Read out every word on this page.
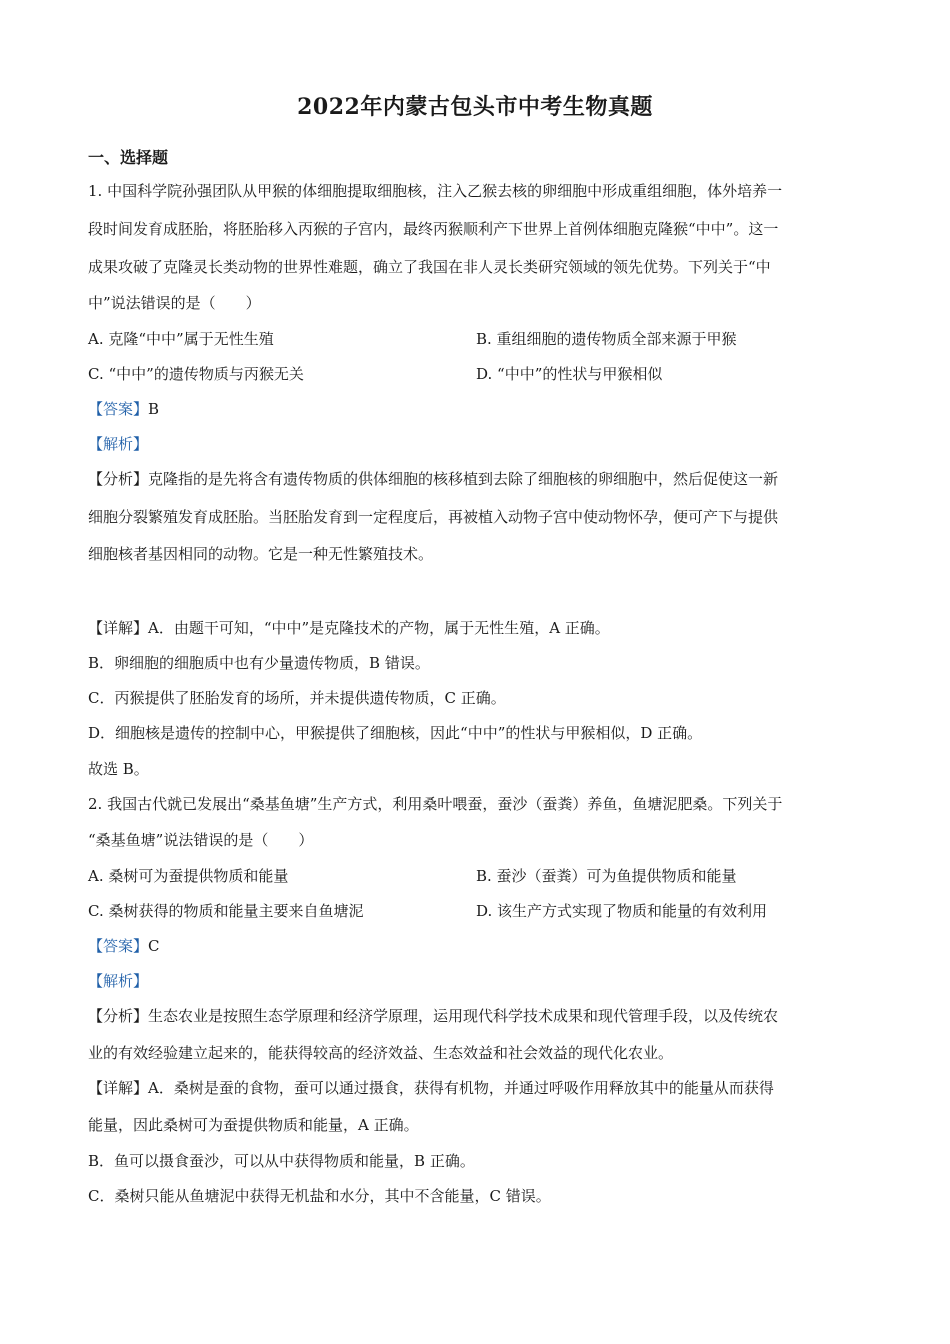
2022年内蒙古包头市中考生物真题
一、选择题
1. 中国科学院孙强团队从甲猴的体细胞提取细胞核，注入乙猴去核的卵细胞中形成重组细胞，体外培养一
段时间发育成胚胎，将胚胎移入丙猴的子宫内，最终丙猴顺利产下世界上首例体细胞克隆猴“中中”。这一
成果攻破了克隆灵长类动物的世界性难题，确立了我国在非人灵长类研究领域的领先优势。下列关于“中
中”说法错误的是（　　）
A. 克隆“中中”属于无性生殖	B. 重组细胞的遗传物质全部来源于甲猴
C. “中中”的遗传物质与丙猴无关	D. “中中”的性状与甲猴相似
【答案】B
【解析】
【分析】克隆指的是先将含有遗传物质的供体细胞的核移植到去除了细胞核的卵细胞中，然后促使这一新
细胞分裂繁殖发育成胚胎。当胚胎发育到一定程度后，再被植入动物子宫中使动物怀孕，便可产下与提供
细胞核者基因相同的动物。它是一种无性繁殖技术。
【详解】A．由题干可知，“中中”是克隆技术的产物，属于无性生殖，A 正确。
B．卵细胞的细胞质中也有少量遗传物质，B 错误。
C．丙猴提供了胚胎发育的场所，并未提供遗传物质，C 正确。
D．细胞核是遗传的控制中心，甲猴提供了细胞核，因此“中中”的性状与甲猴相似，D 正确。
故选 B。
2. 我国古代就已发展出“桑基鱼塘”生产方式，利用桑叶喂蚕，蚕沙（蚕粪）养鱼，鱼塘泥肥桑。下列关于
“桑基鱼塘”说法错误的是（　　）
A. 桑树可为蚕提供物质和能量	B. 蚕沙（蚕粪）可为鱼提供物质和能量
C. 桑树获得的物质和能量主要来自鱼塘泥	D. 该生产方式实现了物质和能量的有效利用
【答案】C
【解析】
【分析】生态农业是按照生态学原理和经济学原理，运用现代科学技术成果和现代管理手段，以及传统农
业的有效经验建立起来的，能获得较高的经济效益、生态效益和社会效益的现代化农业。
【详解】A．桑树是蚕的食物，蚕可以通过摄食，获得有机物，并通过呼吸作用释放其中的能量从而获得
能量，因此桑树可为蚕提供物质和能量，A 正确。
B．鱼可以摄食蚕沙，可以从中获得物质和能量，B 正确。
C．桑树只能从鱼塘泥中获得无机盐和水分，其中不含能量，C 错误。
